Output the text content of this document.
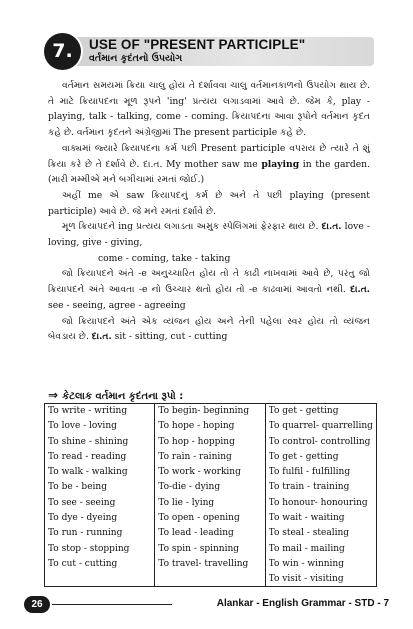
7.	USE OF "PRESENT PARTICIPLE"
વર્તમાન કૃદંતનો ઉપયોગ

વર્તમાન સમયમાં ક્રિયા ચાલુ હોય તે દર્શાવવા ચાલુ વર્તમાનકાળનો ઉપયોગ થાય છે. તે માટે ક્રિયાપદના મૂળ રૂપને 'ing' પ્રત્યય લગાડવામાં આવે છે. જેમ કે, play - playing, talk - talking, come - coming. ક્રિયાપદના આવા રૂપોને વર્તમાન કૃદંત કહે છે. વર્તમાન કૃદંતને અંગ્રેજીમાં The present participle કહે છે.

વાક્યમાં જ્યારે ક્રિયાપદના કર્મ પછી Present participle વપરાય છે ત્યારે તે શું ક્રિયા કરે છે તે દર્શાવે છે. દા.ત. My mother saw me playing in the garden. (મારી મમ્મીએ મને બગીચામાં રમતાં જોઈ.)

અહીં me એ saw ક્રિયાપદનું કર્મ છે અને તે પછી playing (present participle) આવે છે. જે મને રમતાં દર્શાવે છે.

મૂળ ક્રિયાપદને ing પ્રત્યય લગાડતા અમુક સ્પેલિંગમાં ફેરફાર થાય છે. દા.ત. love - loving, give - giving,

come - coming, take - taking

જો ક્રિયાપદને અંતે -e અનુચ્ચારિત હોય તો તે કાઢી નાખવામાં આવે છે, પરંતુ જો ક્રિયાપદને અંતે આવતા -e નો ઉચ્ચાર થતો હોય તો -e કાઢવામાં આવતો નથી. દા.ત. see - seeing, agree - agreeing

જો ક્રિયાપદને અંતે એક વ્યંજન હોય અને તેની પહેલા સ્વર હોય તો વ્યંજન બેવડાય છે. દા.ત. sit - sitting, cut - cutting

⇒ કેટલાક વર્તમાન કૃદંતના રૂપો :
To write - writing
To love - loving
To shine - shining
To read - reading
To walk - walking
To be - being
To see - seeing
To dye - dyeing
To run - running
To stop - stopping
To cut - cutting
To begin- beginning
To hope - hoping
To hop - hopping
To rain - raining
To work - working
To-die - dying
To lie - lying
To open - opening
To lead - leading
To spin - spinning
To travel- travelling
To get - getting
To quarrel- quarrelling
To control- controlling
To get - getting
To fulfil - fulfilling
To train - training
To honour- honouring
To wait - waiting
To steal - stealing
To mail - mailing
To win - winning
To visit - visiting
26	Alankar - English Grammar - STD - 7
